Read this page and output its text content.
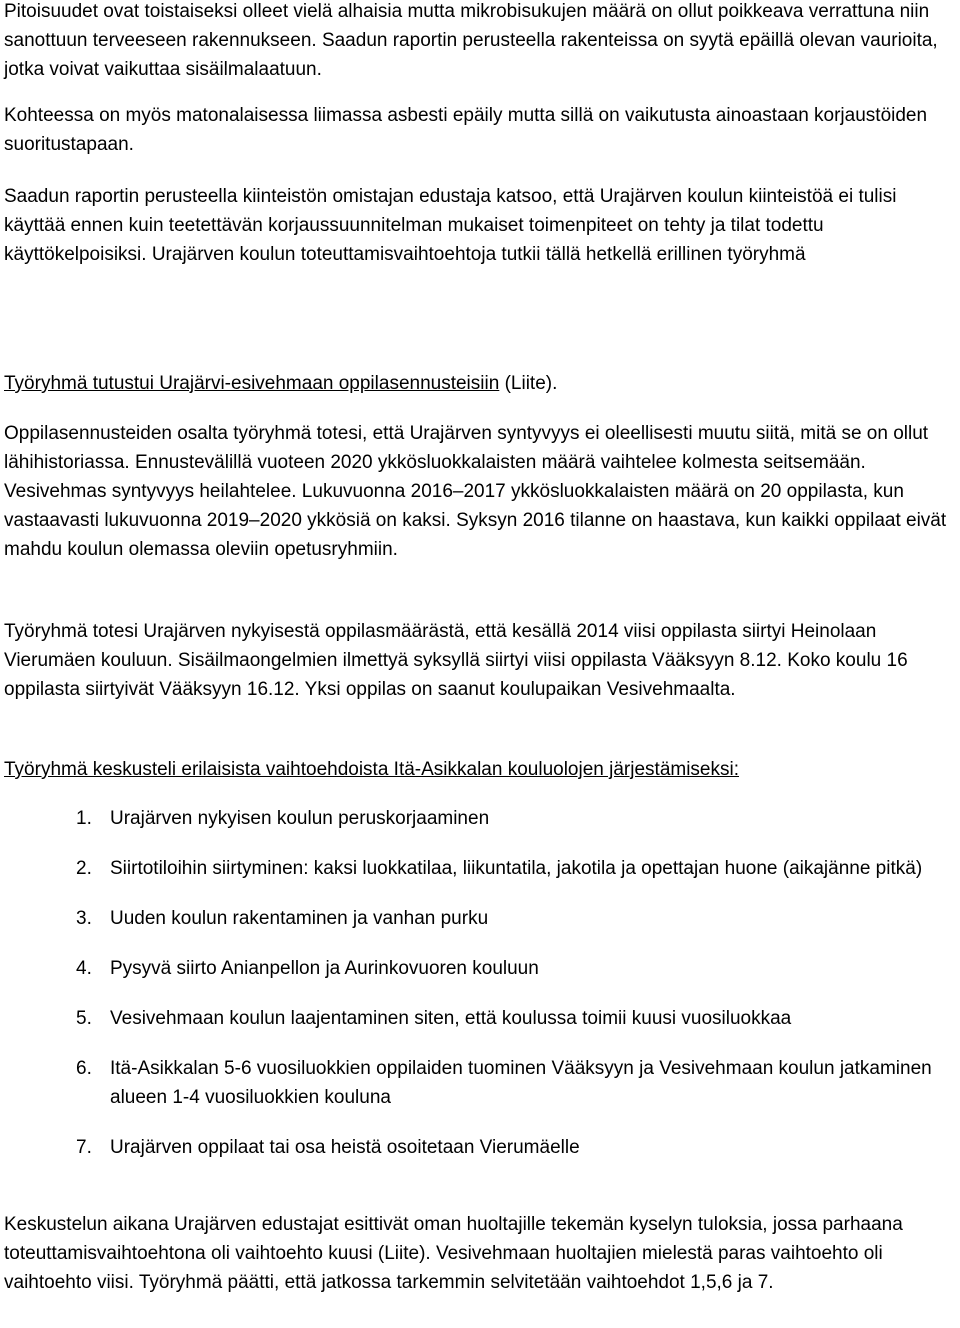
Pitoisuudet ovat toistaiseksi olleet vielä alhaisia mutta mikrobisukujen määrä on ollut poikkeava verrattuna niin sanottuun terveeseen rakennukseen. Saadun raportin perusteella rakenteissa on syytä epäillä olevan vaurioita, jotka voivat vaikuttaa sisäilmalaatuun.

Kohteessa on myös matonalaisessa liimassa asbesti epäily mutta sillä on vaikutusta ainoastaan korjaustöiden suoritustapaan.

Saadun raportin perusteella kiinteistön omistajan edustaja katsoo, että Urajärven koulun kiinteistöä ei tulisi käyttää ennen kuin teetettävän korjaussuunnitelman mukaiset toimenpiteet on tehty ja tilat todettu käyttökelpoisiksi. Urajärven koulun toteuttamisvaihtoehtoja tutkii tällä hetkellä erillinen työryhmä

Työryhmä tutustui Urajärvi-esivehmaan oppilasennusteisiin (Liite).

Oppilasennusteiden osalta työryhmä totesi, että Urajärven syntyvyys ei oleellisesti muutu siitä, mitä se on ollut lähihistoriassa. Ennustevälillä vuoteen 2020 ykkösluokkalaisten määrä vaihtelee kolmesta seitsemään. Vesivehmas syntyvyys heilahtelee. Lukuvuonna 2016–2017 ykkösluokkalaisten määrä on 20 oppilasta, kun vastaavasti lukuvuonna 2019–2020 ykkösiä on kaksi. Syksyn 2016 tilanne on haastava, kun kaikki oppilaat eivät mahdu koulun olemassa oleviin opetusryhmiin.

Työryhmä totesi Urajärven nykyisestä oppilasmäärästä, että kesällä 2014 viisi oppilasta siirtyi Heinolaan Vierumäen kouluun. Sisäilmaongelmien ilmettyä syksyllä siirtyi viisi oppilasta Vääksyyn 8.12. Koko koulu 16 oppilasta siirtyivät Vääksyyn 16.12. Yksi oppilas on saanut koulupaikan Vesivehmaalta.

Työryhmä keskusteli erilaisista vaihtoehdoista Itä-Asikkalan kouluolojen järjestämiseksi:

1. Urajärven nykyisen koulun peruskorjaaminen
2. Siirtotiloihin siirtyminen: kaksi luokkatilaa, liikuntatila, jakotila ja opettajan huone (aikajänne pitkä)
3. Uuden koulun rakentaminen ja vanhan purku
4. Pysyvä siirto Anianpellon ja Aurinkovuoren kouluun
5. Vesivehmaan koulun laajentaminen siten, että koulussa toimii kuusi vuosiluokkaa
6. Itä-Asikkalan 5-6 vuosiluokkien oppilaiden tuominen Vääksyyn ja Vesivehmaan koulun jatkaminen alueen 1-4 vuosiluokkien kouluna
7. Urajärven oppilaat tai osa heistä osoitetaan Vierumäelle

Keskustelun aikana Urajärven edustajat esittivät oman huoltajille tekemän kyselyn tuloksia, jossa parhaana toteuttamisvaihtoehtona oli vaihtoehto kuusi (Liite). Vesivehmaan huoltajien mielestä paras vaihtoehto oli vaihtoehto viisi. Työryhmä päätti, että jatkossa tarkemmin selvitetään vaihtoehdot 1,5,6 ja 7.
